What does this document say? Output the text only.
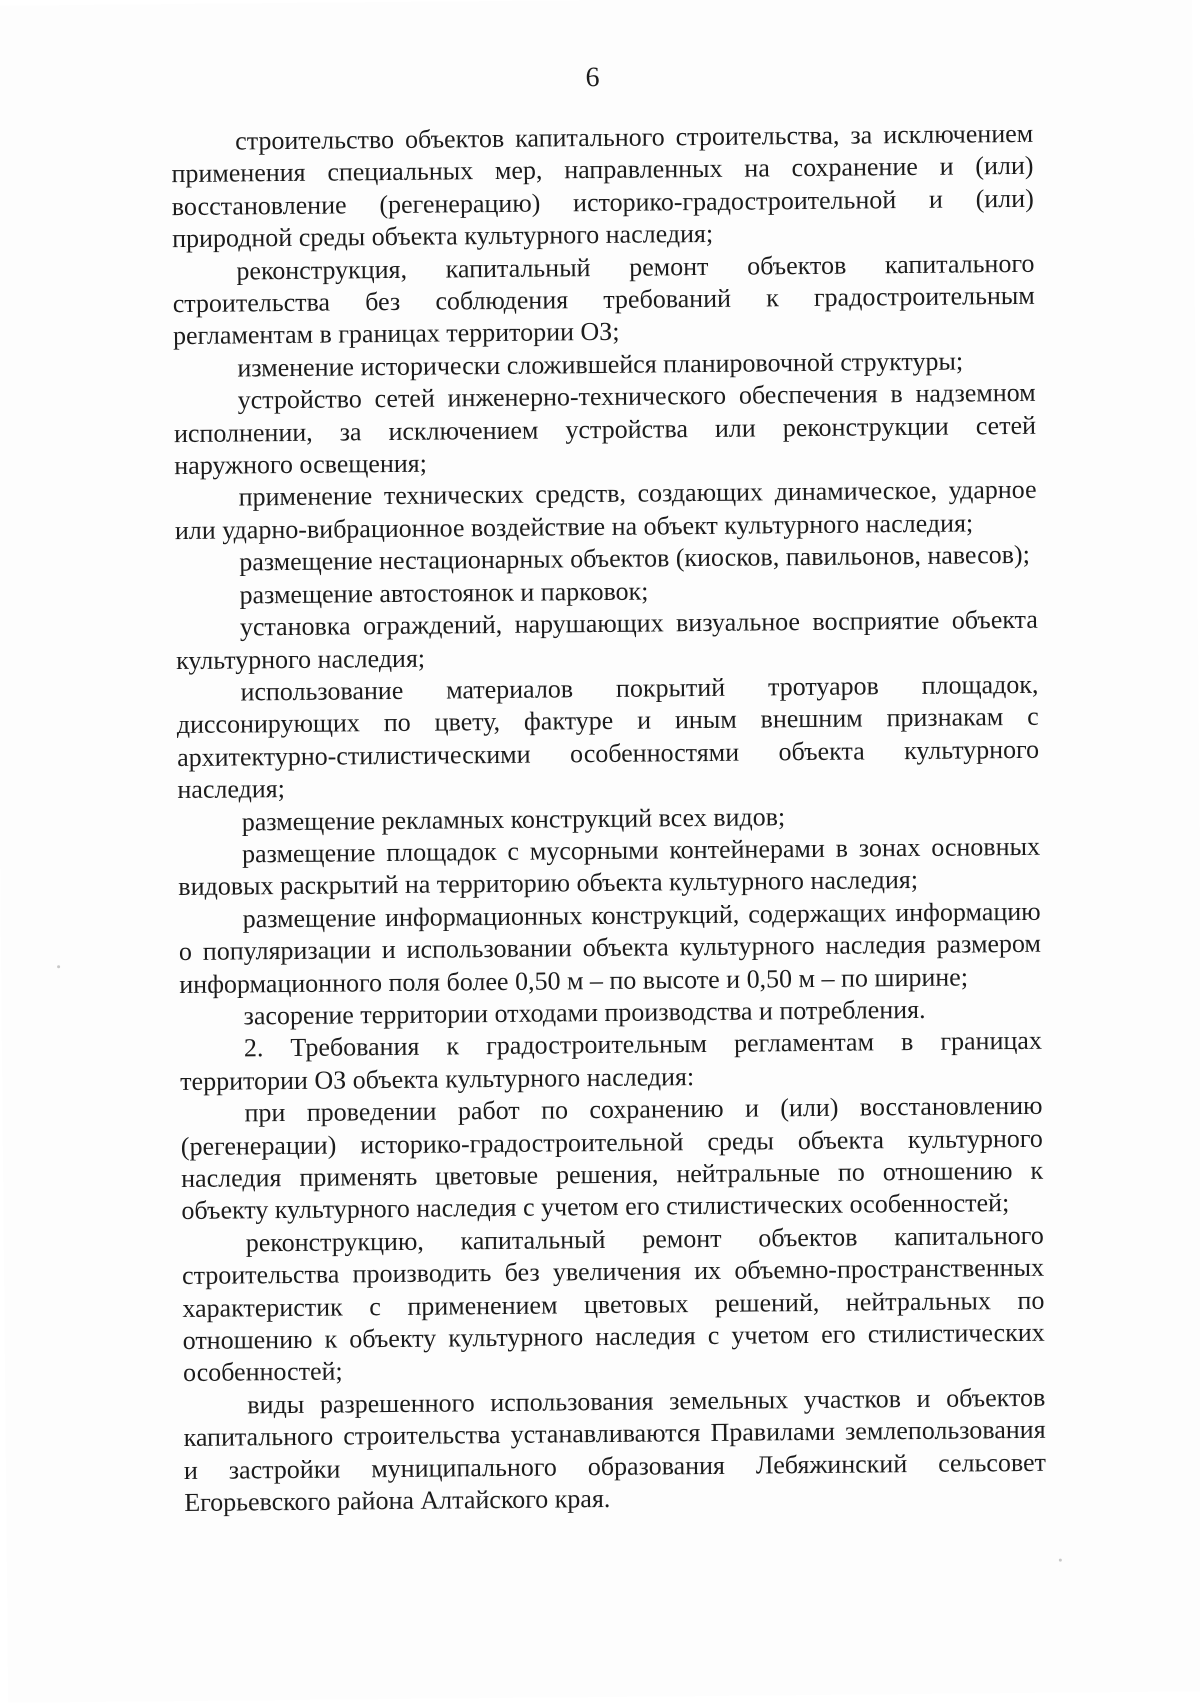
6

строительство объектов капитального строительства, за исключением применения специальных мер, направленных на сохранение и (или) восстановление (регенерацию) историко-градостроительной и (или) природной среды объекта культурного наследия;

реконструкция, капитальный ремонт объектов капитального строительства без соблюдения требований к градостроительным регламентам в границах территории ОЗ;

изменение исторически сложившейся планировочной структуры;

устройство сетей инженерно-технического обеспечения в надземном исполнении, за исключением устройства или реконструкции сетей наружного освещения;

применение технических средств, создающих динамическое, ударное или ударно-вибрационное воздействие на объект культурного наследия;

размещение нестационарных объектов (киосков, павильонов, навесов);

размещение автостоянок и парковок;

установка ограждений, нарушающих визуальное восприятие объекта культурного наследия;

использование материалов покрытий тротуаров площадок, диссонирующих по цвету, фактуре и иным внешним признакам с архитектурно-стилистическими особенностями объекта культурного наследия;

размещение рекламных конструкций всех видов;

размещение площадок с мусорными контейнерами в зонах основных видовых раскрытий на территорию объекта культурного наследия;

размещение информационных конструкций, содержащих информацию о популяризации и использовании объекта культурного наследия размером информационного поля более 0,50 м – по высоте и 0,50 м – по ширине;

засорение территории отходами производства и потребления.

2. Требования к градостроительным регламентам в границах территории ОЗ объекта культурного наследия:

при проведении работ по сохранению и (или) восстановлению (регенерации) историко-градостроительной среды объекта культурного наследия применять цветовые решения, нейтральные по отношению к объекту культурного наследия с учетом его стилистических особенностей;

реконструкцию, капитальный ремонт объектов капитального строительства производить без увеличения их объемно-пространственных характеристик с применением цветовых решений, нейтральных по отношению к объекту культурного наследия с учетом его стилистических особенностей;

виды разрешенного использования земельных участков и объектов капитального строительства устанавливаются Правилами землепользования и застройки муниципального образования Лебяжинский сельсовет Егорьевского района Алтайского края.
